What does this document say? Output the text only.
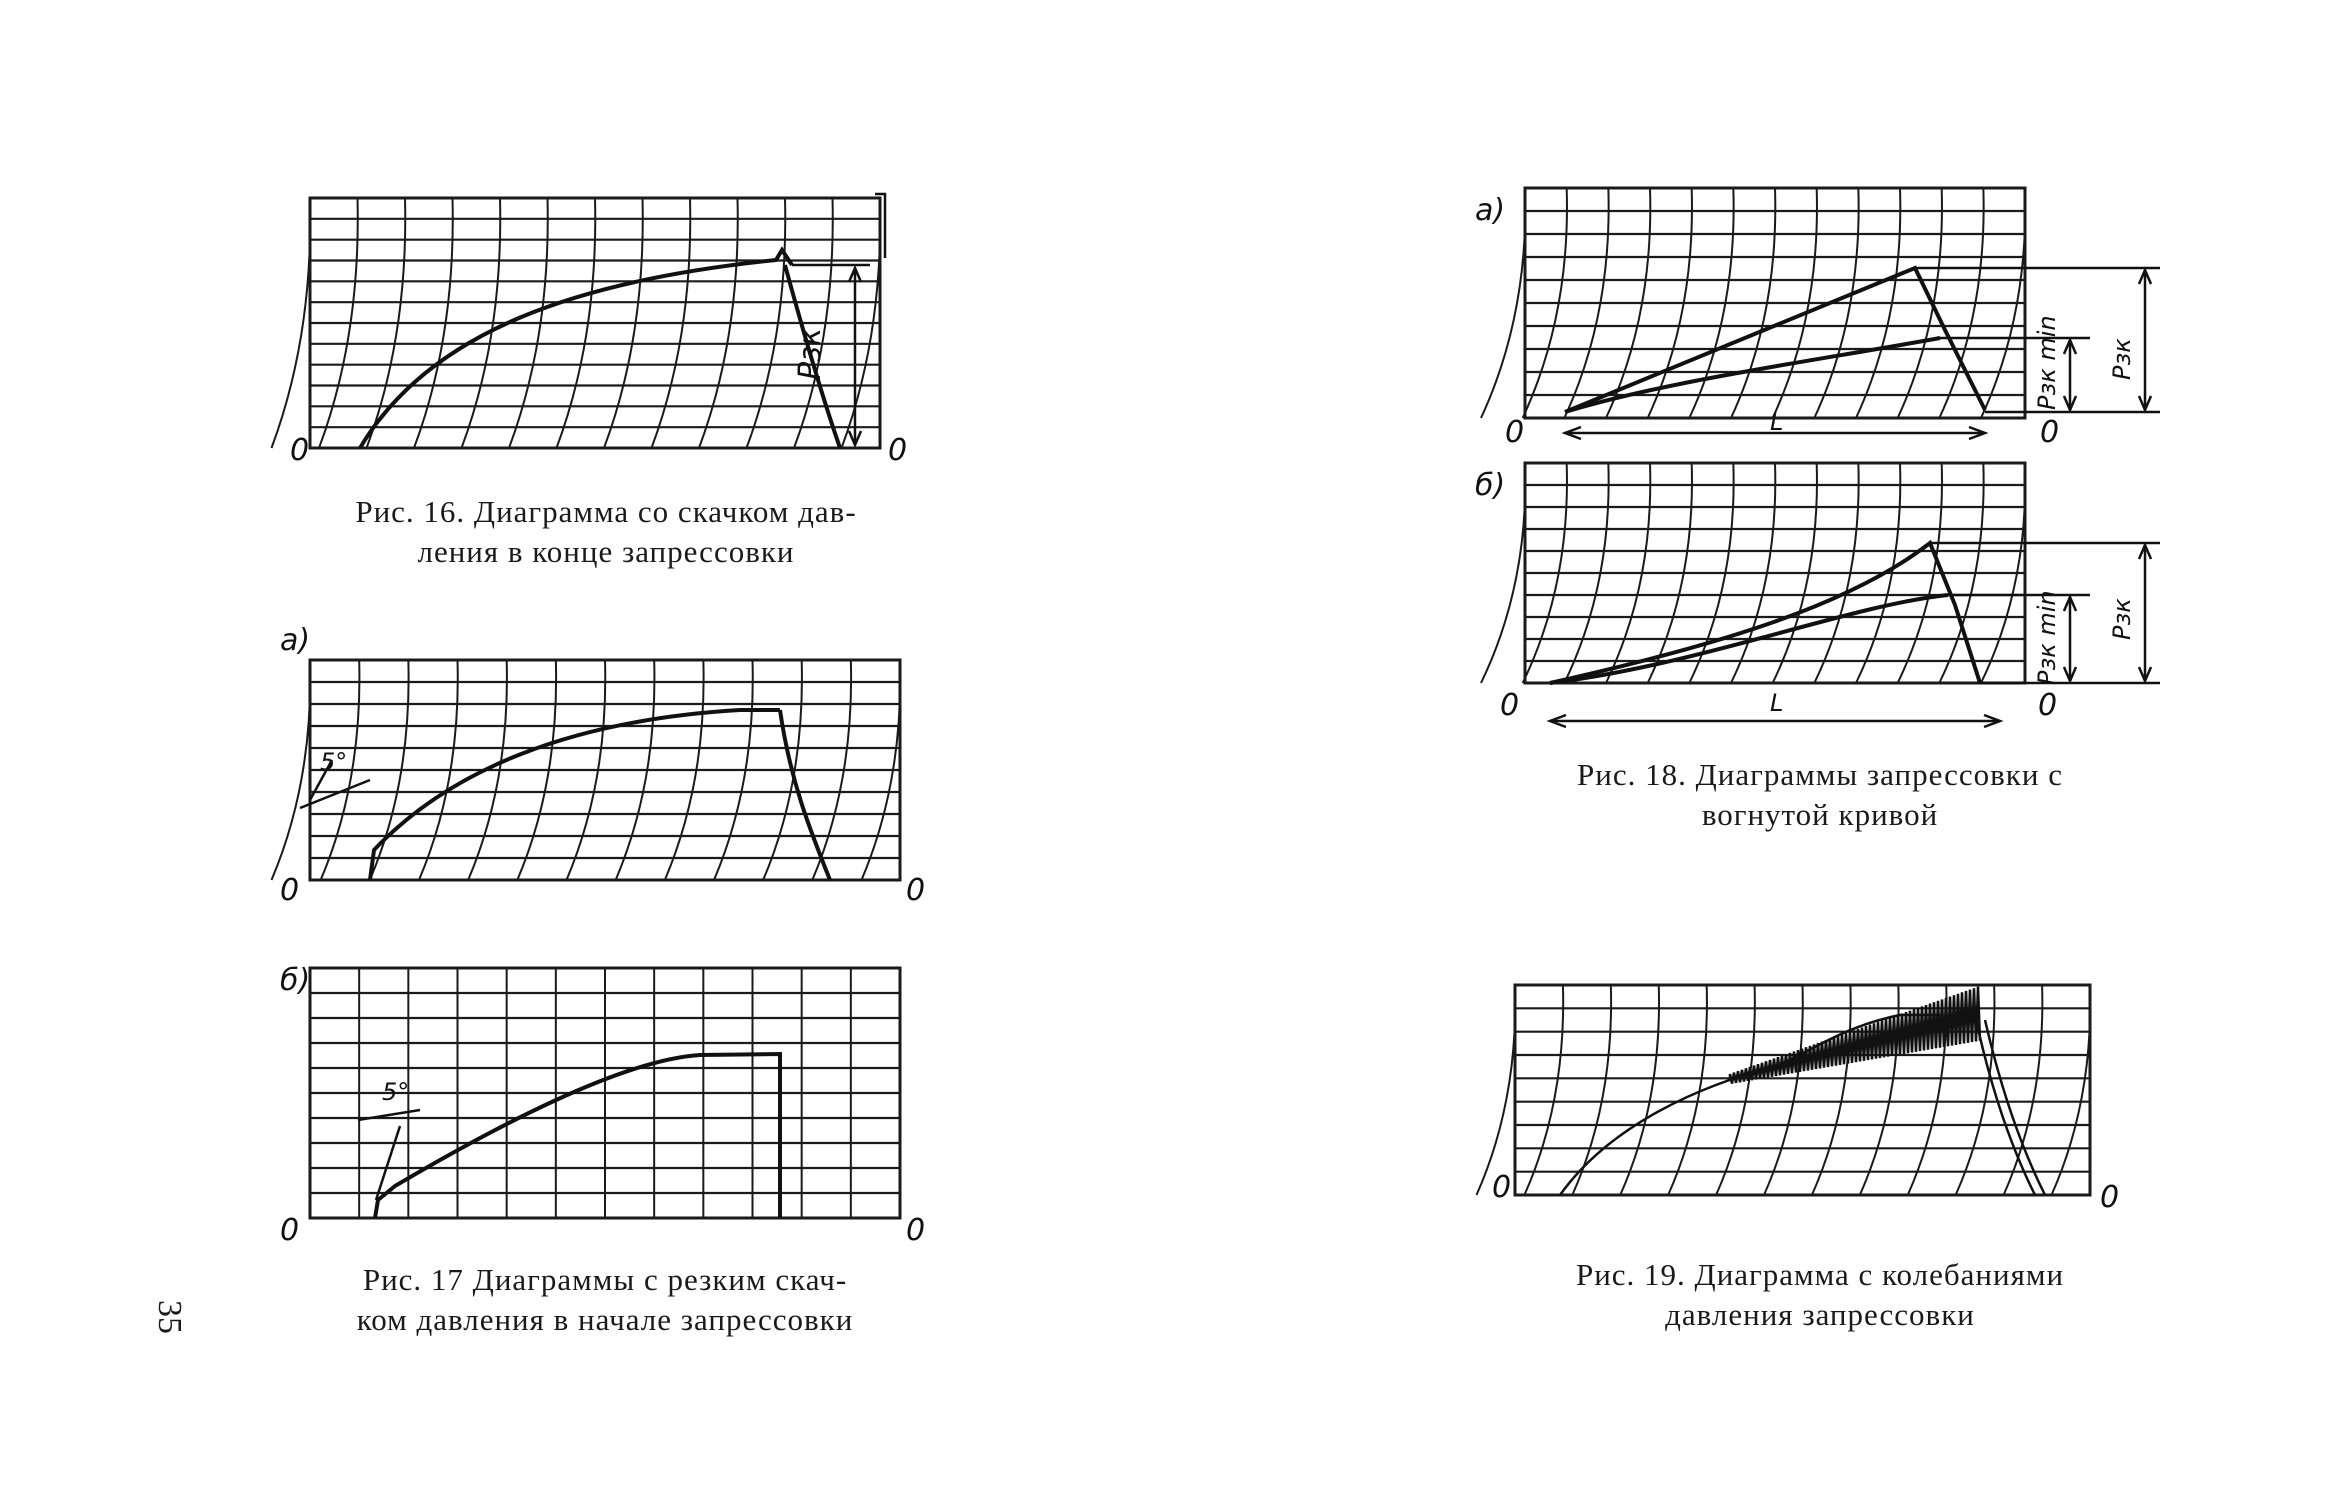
Pзк
0	0
Рис. 16. Диаграмма со скачком дав-
ления в конце запрессовки
а)
5°
0	0
б)
5°
0	0
Рис. 17 Диаграммы с резким скач-
ком давления в начале запрессовки
35
Pзк min Pзк
L
а)
0	0
Pзк min Pзк
L
б)
0	0
Рис. 18. Диаграммы запрессовки с
вогнутой кривой
0	0
Рис. 19. Диаграмма с колебаниями
давления запрессовки
